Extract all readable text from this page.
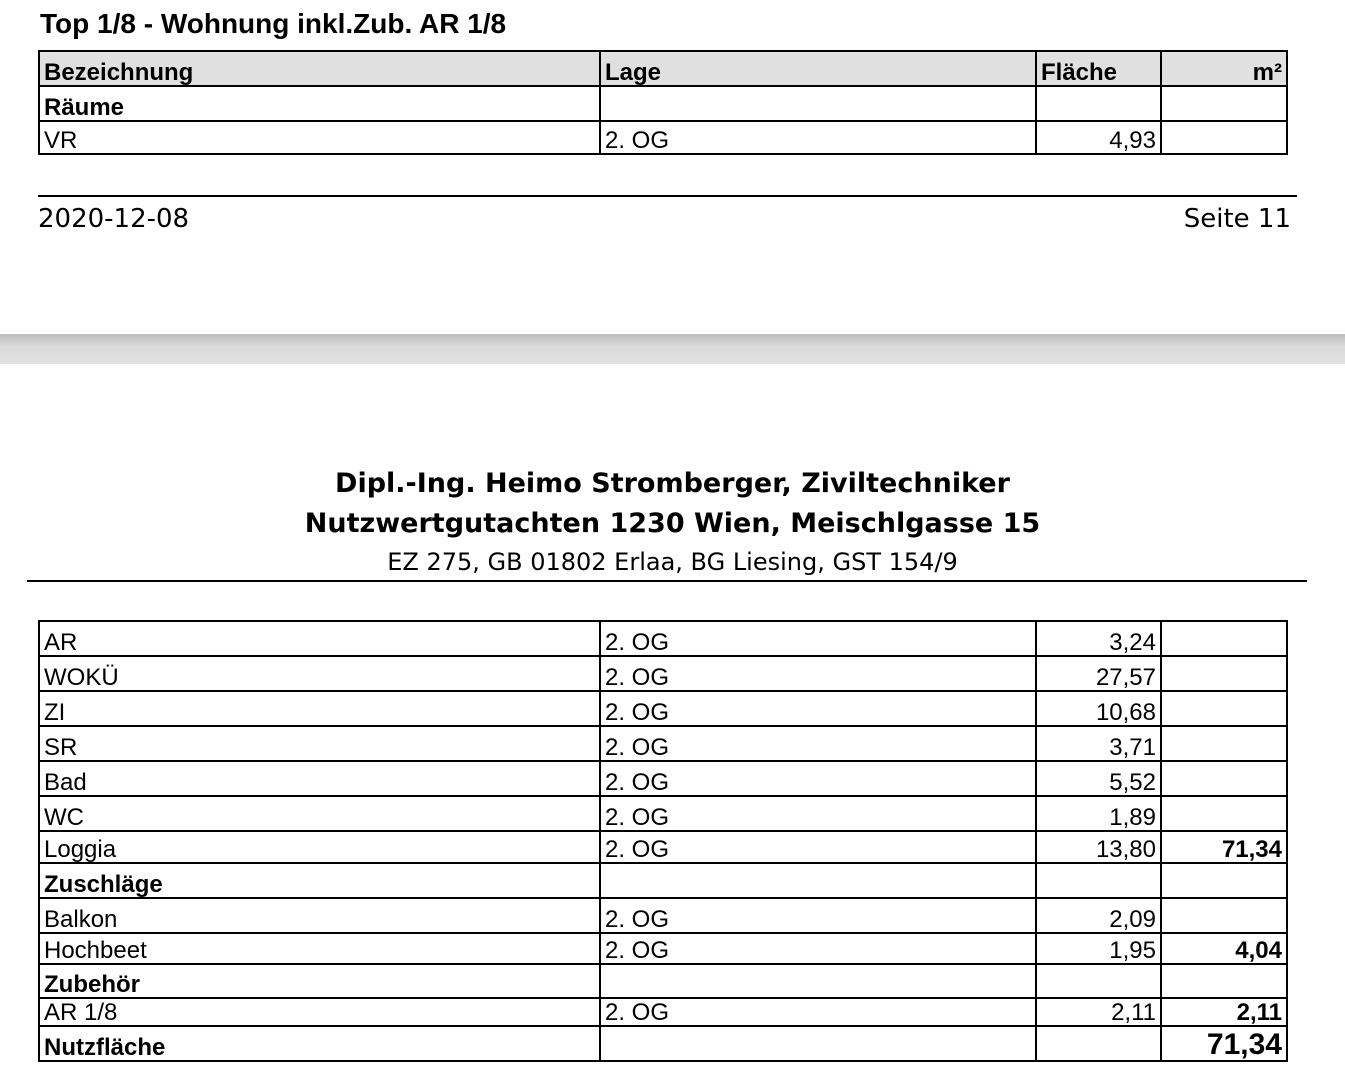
Top 1/8 - Wohnung inkl.Zub. AR 1/8
Bezeichnung	Lage	Fläche	m²
Räume			
VR	2. OG	4,93	
2020-12-08	Seite 11
Dipl.-Ing. Heimo Stromberger, Ziviltechniker
Nutzwertgutachten 1230 Wien, Meischlgasse 15
EZ 275, GB 01802 Erlaa, BG Liesing, GST 154/9
AR	2. OG	3,24	
WOKÜ	2. OG	27,57	
ZI	2. OG	10,68	
SR	2. OG	3,71	
Bad	2. OG	5,52	
WC	2. OG	1,89	
Loggia	2. OG	13,80	71,34
Zuschläge			
Balkon	2. OG	2,09	
Hochbeet	2. OG	1,95	4,04
Zubehör			
AR 1/8	2. OG	2,11	2,11
Nutzfläche			71,34
